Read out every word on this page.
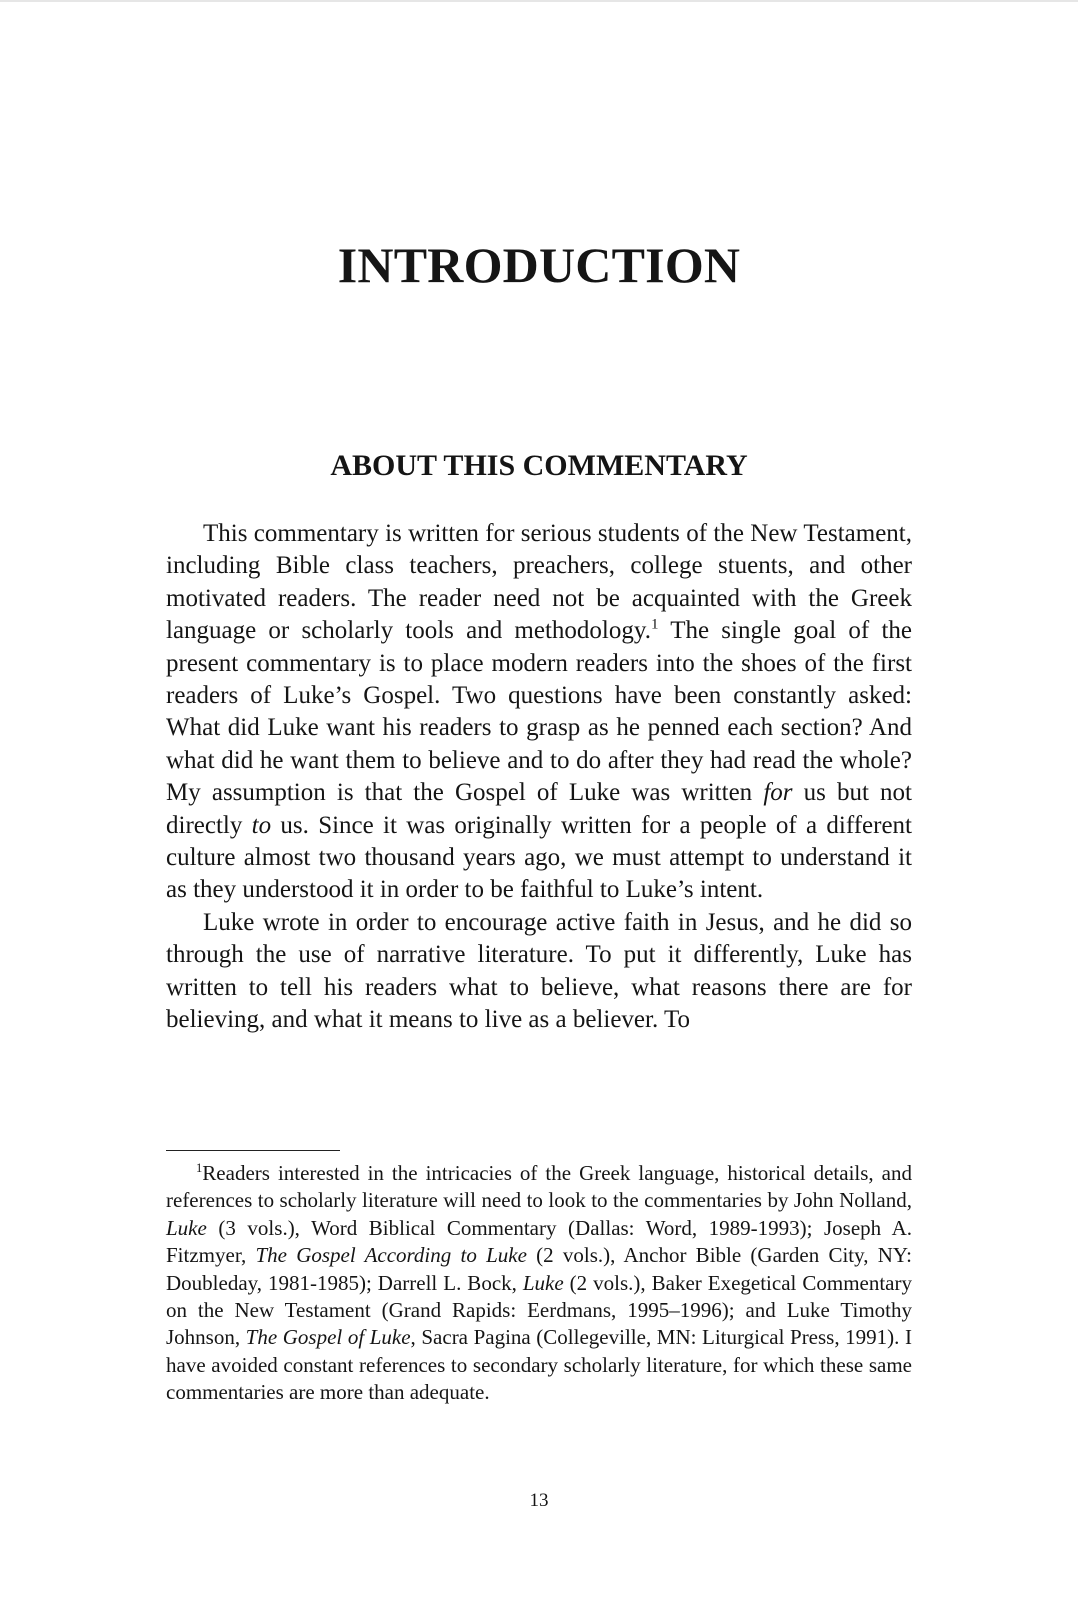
INTRODUCTION
ABOUT THIS COMMENTARY

This commentary is written for serious students of the New Testament, including Bible class teachers, preachers, college stuents, and other motivated readers. The reader need not be acquainted with the Greek language or scholarly tools and methodology.$^1$ The single goal of the present commentary is to place modern readers into the shoes of the first readers of Luke’s Gospel. Two questions have been constantly asked: What did Luke want his readers to grasp as he penned each section? And what did he want them to believe and to do after they had read the whole? My assumption is that the Gospel of Luke was written for us but not directly to us. Since it was originally written for a people of a different culture almost two thousand years ago, we must attempt to understand it as they understood it in order to be faithful to Luke’s intent.

Luke wrote in order to encourage active faith in Jesus, and he did so through the use of narrative literature. To put it differently, Luke has written to tell his readers what to believe, what reasons there are for believing, and what it means to live as a believer. To

$^1$Readers interested in the intricacies of the Greek language, historical details, and references to scholarly literature will need to look to the commentaries by John Nolland, Luke (3 vols.), Word Biblical Commentary (Dallas: Word, 1989-1993); Joseph A. Fitzmyer, The Gospel According to Luke (2 vols.), Anchor Bible (Garden City, NY: Doubleday, 1981-1985); Darrell L. Bock, Luke (2 vols.), Baker Exegetical Commentary on the New Testament (Grand Rapids: Eerdmans, 1995–1996); and Luke Timothy Johnson, The Gospel of Luke, Sacra Pagina (Collegeville, MN: Liturgical Press, 1991). I have avoided constant references to secondary scholarly literature, for which these same commentaries are more than adequate.

13
